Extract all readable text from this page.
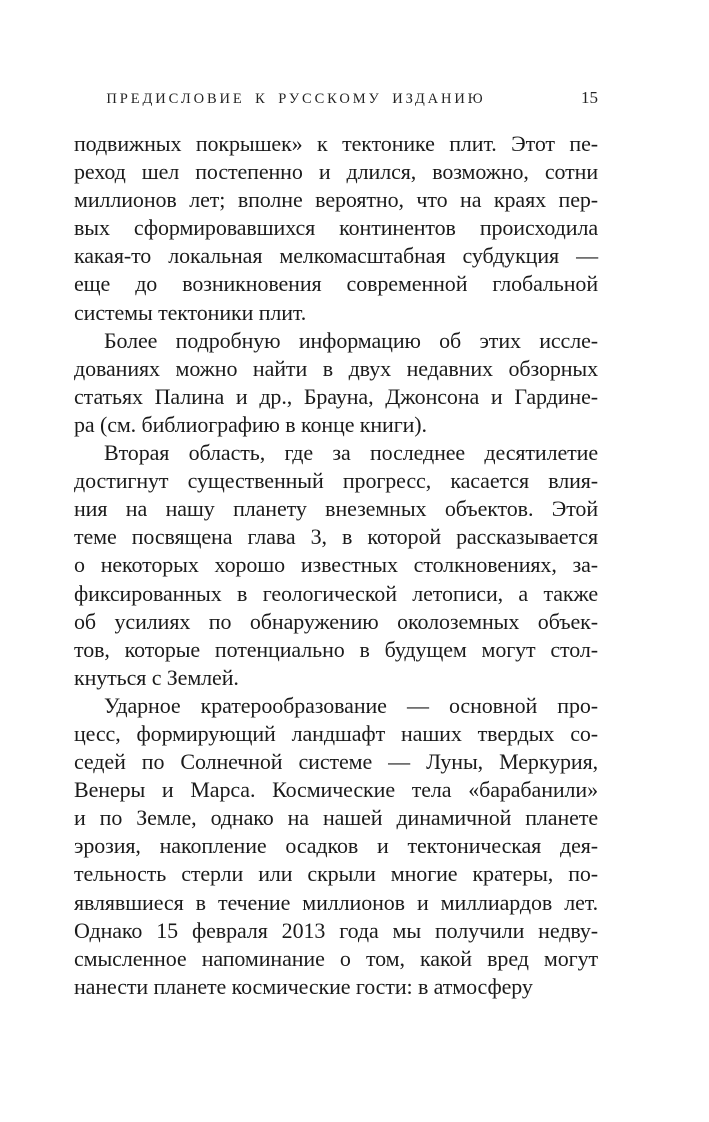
ПРЕДИСЛОВИЕ К РУССКОМУ ИЗДАНИЮ	15
подвижных покрышек» к тектонике плит. Этот пе-
реход шел постепенно и длился, возможно, сотни
миллионов лет; вполне вероятно, что на краях пер-
вых сформировавшихся континентов происходила
какая-то локальная мелкомасштабная субдукция —
еще до возникновения современной глобальной
системы тектоники плит.
Более подробную информацию об этих иссле-
дованиях можно найти в двух недавних обзорных
статьях Палина и др., Брауна, Джонсона и Гардине-
ра (см. библиографию в конце книги).
Вторая область, где за последнее десятилетие
достигнут существенный прогресс, касается влия-
ния на нашу планету внеземных объектов. Этой
теме посвящена глава 3, в которой рассказывается
о некоторых хорошо известных столкновениях, за-
фиксированных в геологической летописи, а также
об усилиях по обнаружению околоземных объек-
тов, которые потенциально в будущем могут стол-
кнуться с Землей.
Ударное кратерообразование — основной про-
цесс, формирующий ландшафт наших твердых со-
седей по Солнечной системе — Луны, Меркурия,
Венеры и Марса. Космические тела «барабанили»
и по Земле, однако на нашей динамичной планете
эрозия, накопление осадков и тектоническая дея-
тельность стерли или скрыли многие кратеры, по-
являвшиеся в течение миллионов и миллиардов лет.
Однако 15 февраля 2013 года мы получили недву-
смысленное напоминание о том, какой вред могут
нанести планете космические гости: в атмосферу
